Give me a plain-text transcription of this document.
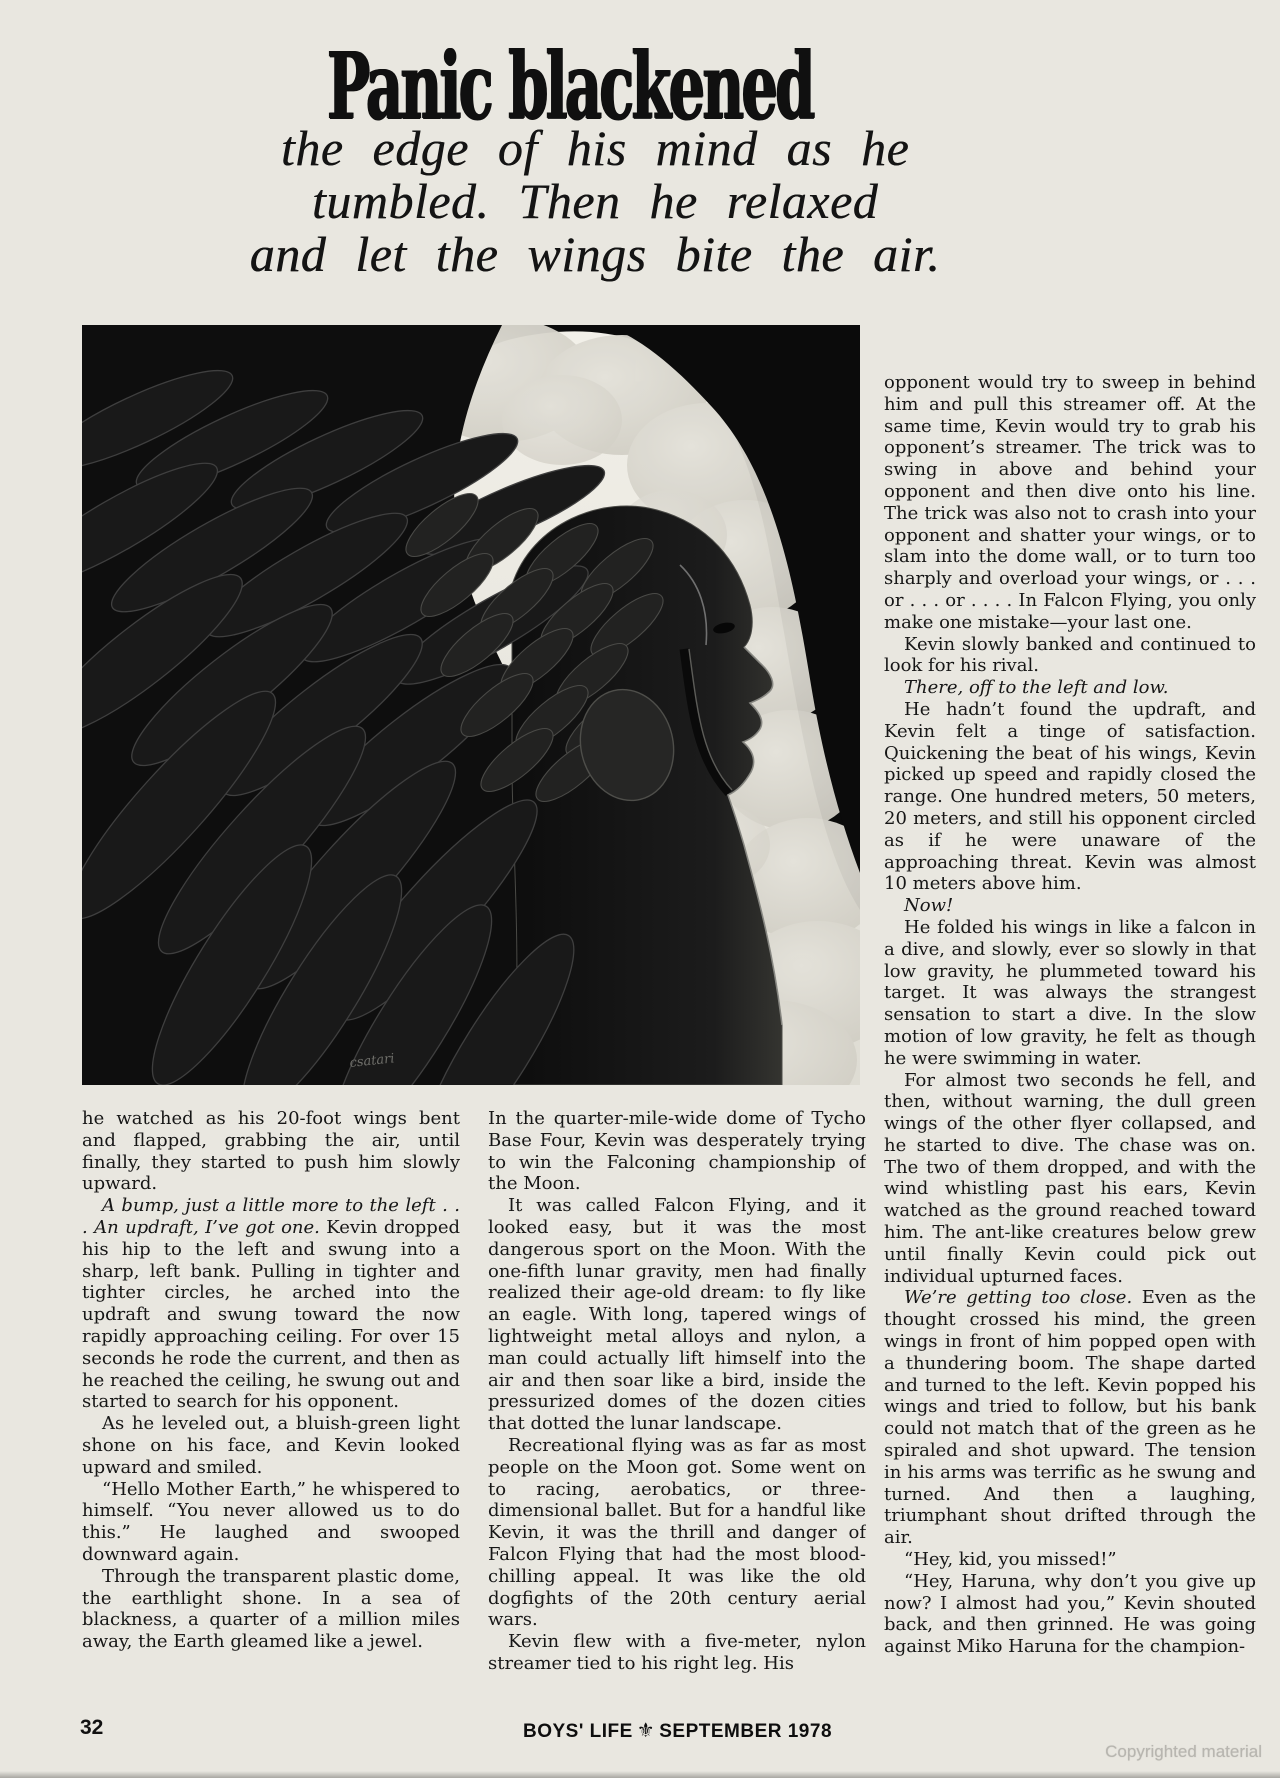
Panic blackened
the edge of his mind as he
tumbled. Then he relaxed
and let the wings bite the air.
csatari

he watched as his 20-foot wings bent and flapped, grabbing the air, until finally, they started to push him slowly upward.

A bump, just a little more to the left . . . An updraft, I’ve got one. Kevin dropped his hip to the left and swung into a sharp, left bank. Pulling in tighter and tighter circles, he arched into the updraft and swung toward the now rapidly approaching ceiling. For over 15 seconds he rode the current, and then as he reached the ceiling, he swung out and started to search for his opponent.

As he leveled out, a bluish-green light shone on his face, and Kevin looked upward and smiled.

“Hello Mother Earth,” he whispered to himself. “You never allowed us to do this.” He laughed and swooped downward again.

Through the transparent plastic dome, the earthlight shone. In a sea of blackness, a quarter of a million miles away, the Earth gleamed like a jewel.

In the quarter-mile-wide dome of Tycho Base Four, Kevin was desperately trying to win the Falconing championship of the Moon.

It was called Falcon Flying, and it looked easy, but it was the most dangerous sport on the Moon. With the one-fifth lunar gravity, men had finally realized their age-old dream: to fly like an eagle. With long, tapered wings of lightweight metal alloys and nylon, a man could actually lift himself into the air and then soar like a bird, inside the pressurized domes of the dozen cities that dotted the lunar landscape.

Recreational flying was as far as most people on the Moon got. Some went on to racing, aerobatics, or three-dimensional ballet. But for a handful like Kevin, it was the thrill and danger of Falcon Flying that had the most blood-chilling appeal. It was like the old dogfights of the 20th century aerial wars.

Kevin flew with a five-meter, nylon streamer tied to his right leg. His

opponent would try to sweep in behind him and pull this streamer off. At the same time, Kevin would try to grab his opponent’s streamer. The trick was to swing in above and behind your opponent and then dive onto his line. The trick was also not to crash into your opponent and shatter your wings, or to slam into the dome wall, or to turn too sharply and overload your wings, or . . . or . . . or . . . . In Falcon Flying, you only make one mistake—your last one.

Kevin slowly banked and continued to look for his rival.

There, off to the left and low.

He hadn’t found the updraft, and Kevin felt a tinge of satisfaction. Quickening the beat of his wings, Kevin picked up speed and rapidly closed the range. One hundred meters, 50 meters, 20 meters, and still his opponent circled as if he were unaware of the approaching threat. Kevin was almost 10 meters above him.

Now!

He folded his wings in like a falcon in a dive, and slowly, ever so slowly in that low gravity, he plummeted toward his target. It was always the strangest sensation to start a dive. In the slow motion of low gravity, he felt as though he were swimming in water.

For almost two seconds he fell, and then, without warning, the dull green wings of the other flyer collapsed, and he started to dive. The chase was on. The two of them dropped, and with the wind whistling past his ears, Kevin watched as the ground reached toward him. The ant-like creatures below grew until finally Kevin could pick out individual upturned faces.

We’re getting too close. Even as the thought crossed his mind, the green wings in front of him popped open with a thundering boom. The shape darted and turned to the left. Kevin popped his wings and tried to follow, but his bank could not match that of the green as he spiraled and shot upward. The tension in his arms was terrific as he swung and turned. And then a laughing, triumphant shout drifted through the air.

“Hey, kid, you missed!”

“Hey, Haruna, why don’t you give up now? I almost had you,” Kevin shouted back, and then grinned. He was going against Miko Haruna for the champion-

32	BOYS' LIFE ⚜ SEPTEMBER 1978
Copyrighted material
